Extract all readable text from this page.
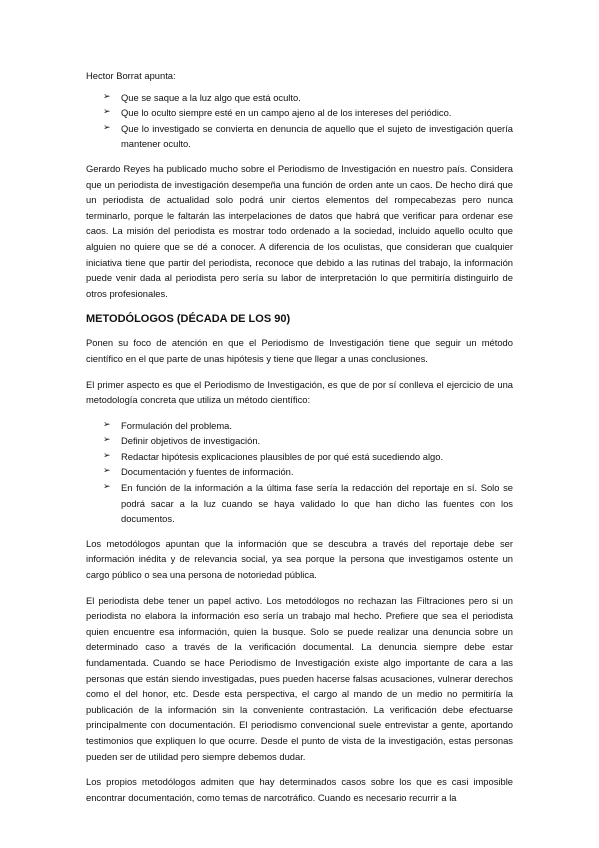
Hector Borrat apunta:

➢ Que se saque a la luz algo que está oculto.
➢ Que lo oculto siempre esté en un campo ajeno al de los intereses del periódico.
➢ Que lo investigado se convierta en denuncia de aquello que el sujeto de investigación quería mantener oculto.

Gerardo Reyes ha publicado mucho sobre el Periodismo de Investigación en nuestro país. Considera que un periodista de investigación desempeña una función de orden ante un caos. De hecho dirá que un periodista de actualidad solo podrá unir ciertos elementos del rompecabezas pero nunca terminarlo, porque le faltarán las interpelaciones de datos que habrá que verificar para ordenar ese caos. La misión del periodista es mostrar todo ordenado a la sociedad, incluido aquello oculto que alguien no quiere que se dé a conocer. A diferencia de los oculistas, que consideran que cualquier iniciativa tiene que partir del periodista, reconoce que debido a las rutinas del trabajo, la información puede venir dada al periodista pero sería su labor de interpretación lo que permitiría distinguirlo de otros profesionales.

METODÓLOGOS (DÉCADA DE LOS 90)

Ponen su foco de atención en que el Periodismo de Investigación tiene que seguir un método científico en el que parte de unas hipótesis y tiene que llegar a unas conclusiones.

El primer aspecto es que el Periodismo de Investigación, es que de por sí conlleva el ejercicio de una metodología concreta que utiliza un método científico:

➢ Formulación del problema.
➢ Definir objetivos de investigación.
➢ Redactar hipótesis explicaciones plausibles de por qué está sucediendo algo.
➢ Documentación y fuentes de información.
➢ En función de la información a la última fase sería la redacción del reportaje en sí. Solo se podrá sacar a la luz cuando se haya validado lo que han dicho las fuentes con los documentos.

Los metodólogos apuntan que la información que se descubra a través del reportaje debe ser información inédita y de relevancia social, ya sea porque la persona que investigamos ostente un cargo público o sea una persona de notoriedad pública.

El periodista debe tener un papel activo. Los metodólogos no rechazan las Filtraciones pero si un periodista no elabora la información eso sería un trabajo mal hecho. Prefiere que sea el periodista quien encuentre esa información, quien la busque. Solo se puede realizar una denuncia sobre un determinado caso a través de la verificación documental. La denuncia siempre debe estar fundamentada. Cuando se hace Periodismo de Investigación existe algo importante de cara a las personas que están siendo investigadas, pues pueden hacerse falsas acusaciones, vulnerar derechos como el del honor, etc. Desde esta perspectiva, el cargo al mando de un medio no permitiría la publicación de la información sin la conveniente contrastación. La verificación debe efectuarse principalmente con documentación. El periodismo convencional suele entrevistar a gente, aportando testimonios que expliquen lo que ocurre. Desde el punto de vista de la investigación, estas personas pueden ser de utilidad pero siempre debemos dudar.

Los propios metodólogos admiten que hay determinados casos sobre los que es casi imposible encontrar documentación, como temas de narcotráfico. Cuando es necesario recurrir a la
